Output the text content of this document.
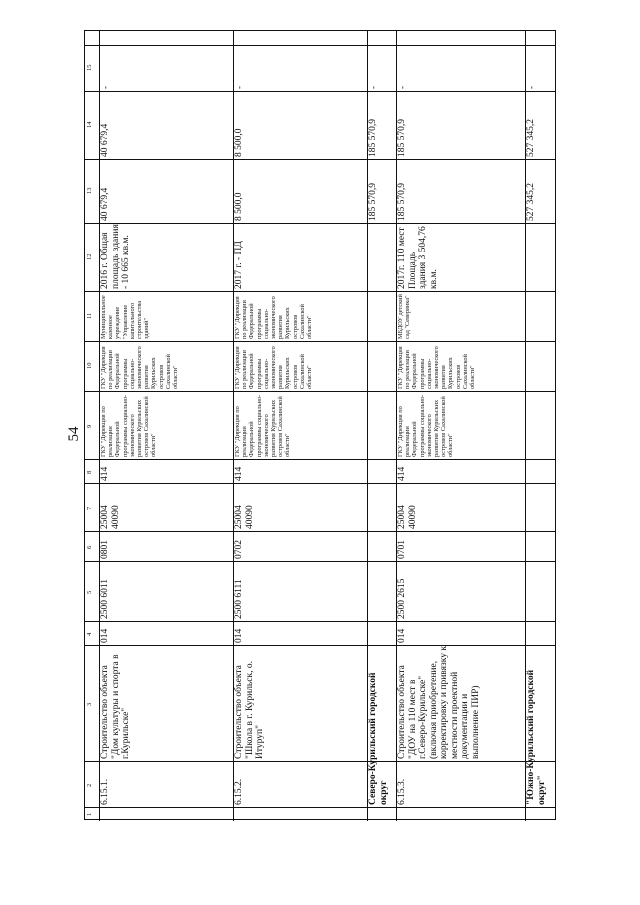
54
1
2
3
4
5
6
7
8
9
10
11
12
13
14
15
6.15.1.
Строительство объекта "Дом культуры и спорта в г.Курильске"
014
2500 6011
0801
25004 40090
414
ГКУ "Дирекция по реализации Федеральной программы социально-экономического развития Курильских островов Сахалинской области"
ГКУ "Дирекция по реализации Федеральной программы социально-экономического развития Курильских островов Сахалинской области"
Муниципальное казенное учреждение "Управление капитального строительства зданий"
2016 г. Общая площадь здания - 10 665 кв.м.
40 679,4
40 679,4
-
6.15.2.
Строительство объекта "Школа в г. Курильск, о. Итуруп"
014
2500 6111
0702
25004 40090
414
ГКУ "Дирекция по реализации Федеральной программы социально-экономического развития Курильских островов Сахалинской области"
ГКУ "Дирекция по реализации Федеральной программы социально-экономического развития Курильских островов Сахалинской области"
ГКУ "Дирекция по реализации Федеральной программы социально-экономического развития Курильских островов Сахалинской области"
2017 г. - ПД
8 500,0
8 500,0
-
Северо-Курильский городской округ
185 570,9
185 570,9
-
6.15.3.
Строительство объекта "ДОУ на 110 мест в г.Северо-Курильске" (включая приобретение, корректировку и привязку к местности проектной документации и выполнение ПИР)
014
2500 2615
0701
25004 40090
414
ГКУ "Дирекция по реализации Федеральной программы социально-экономического развития Курильских островов Сахалинской области"
ГКУ "Дирекция по реализации Федеральной программы социально-экономического развития Курильских островов Сахалинской области"
МБДОУ детский сад "Северянка"
2017г. 110 мест Площадь здания 3 504,76 кв.м.
185 570,9
185 570,9
-
"Южно-Курильский городской округ"
527 345,2
527 345,2
-
